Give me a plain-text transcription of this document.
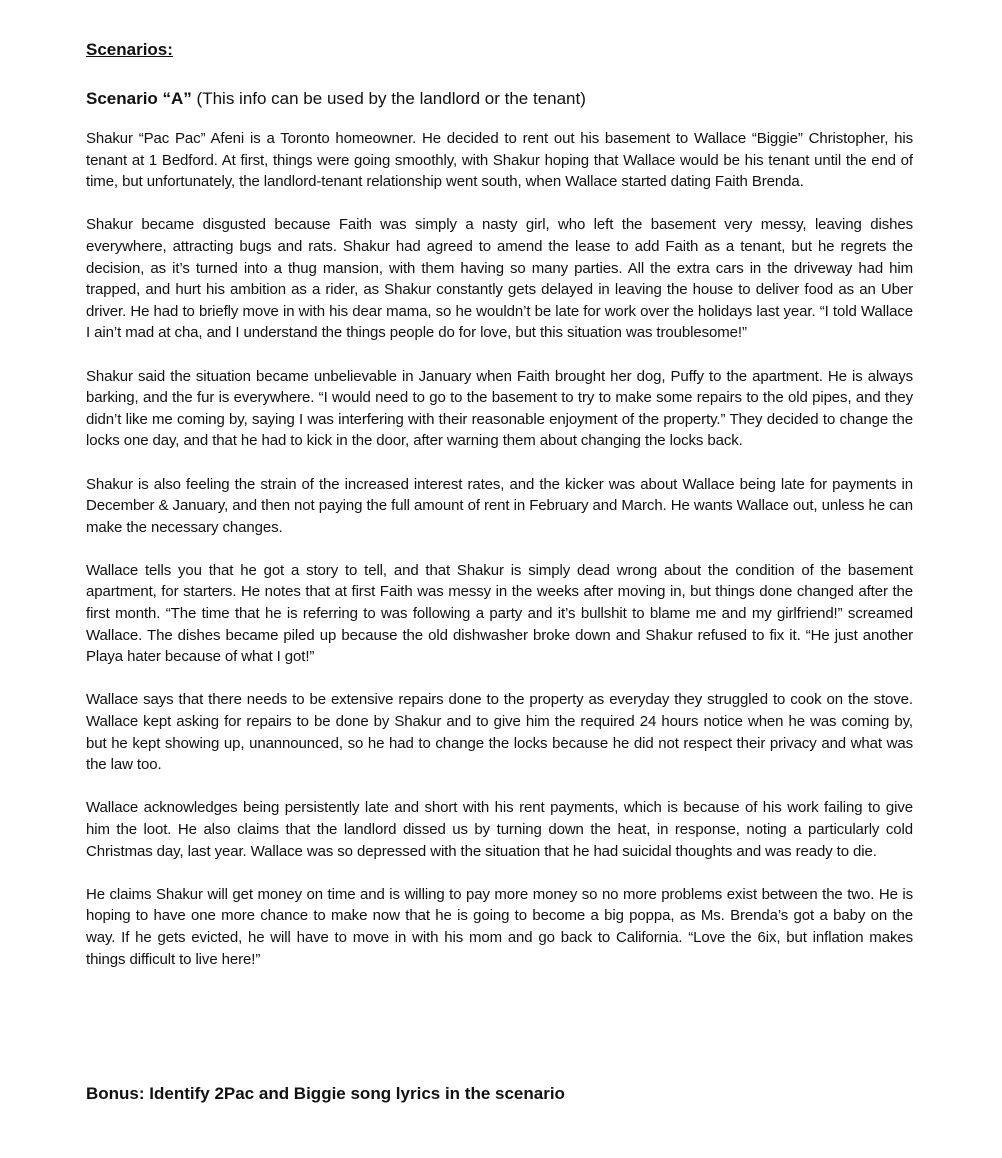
Scenarios:

Scenario “A” (This info can be used by the landlord or the tenant)

Shakur “Pac Pac” Afeni is a Toronto homeowner. He decided to rent out his basement to Wallace “Biggie” Christopher, his tenant at 1 Bedford. At first, things were going smoothly, with Shakur hoping that Wallace would be his tenant until the end of time, but unfortunately, the landlord-tenant relationship went south, when Wallace started dating Faith Brenda.

Shakur became disgusted because Faith was simply a nasty girl, who left the basement very messy, leaving dishes everywhere, attracting bugs and rats. Shakur had agreed to amend the lease to add Faith as a tenant, but he regrets the decision, as it’s turned into a thug mansion, with them having so many parties. All the extra cars in the driveway had him trapped, and hurt his ambition as a rider, as Shakur constantly gets delayed in leaving the house to deliver food as an Uber driver. He had to briefly move in with his dear mama, so he wouldn’t be late for work over the holidays last year. “I told Wallace I ain’t mad at cha, and I understand the things people do for love, but this situation was troublesome!”

Shakur said the situation became unbelievable in January when Faith brought her dog, Puffy to the apartment. He is always barking, and the fur is everywhere. “I would need to go to the basement to try to make some repairs to the old pipes, and they didn’t like me coming by, saying I was interfering with their reasonable enjoyment of the property.” They decided to change the locks one day, and that he had to kick in the door, after warning them about changing the locks back.

Shakur is also feeling the strain of the increased interest rates, and the kicker was about Wallace being late for payments in December & January, and then not paying the full amount of rent in February and March. He wants Wallace out, unless he can make the necessary changes.

Wallace tells you that he got a story to tell, and that Shakur is simply dead wrong about the condition of the basement apartment, for starters. He notes that at first Faith was messy in the weeks after moving in, but things done changed after the first month. “The time that he is referring to was following a party and it’s bullshit to blame me and my girlfriend!” screamed Wallace. The dishes became piled up because the old dishwasher broke down and Shakur refused to fix it. “He just another Playa hater because of what I got!”

Wallace says that there needs to be extensive repairs done to the property as everyday they struggled to cook on the stove. Wallace kept asking for repairs to be done by Shakur and to give him the required 24 hours notice when he was coming by, but he kept showing up, unannounced, so he had to change the locks because he did not respect their privacy and what was the law too.

Wallace acknowledges being persistently late and short with his rent payments, which is because of his work failing to give him the loot. He also claims that the landlord dissed us by turning down the heat, in response, noting a particularly cold Christmas day, last year. Wallace was so depressed with the situation that he had suicidal thoughts and was ready to die.

He claims Shakur will get money on time and is willing to pay more money so no more problems exist between the two. He is hoping to have one more chance to make now that he is going to become a big poppa, as Ms. Brenda’s got a baby on the way. If he gets evicted, he will have to move in with his mom and go back to California. “Love the 6ix, but inflation makes things difficult to live here!”

Bonus: Identify 2Pac and Biggie song lyrics in the scenario
